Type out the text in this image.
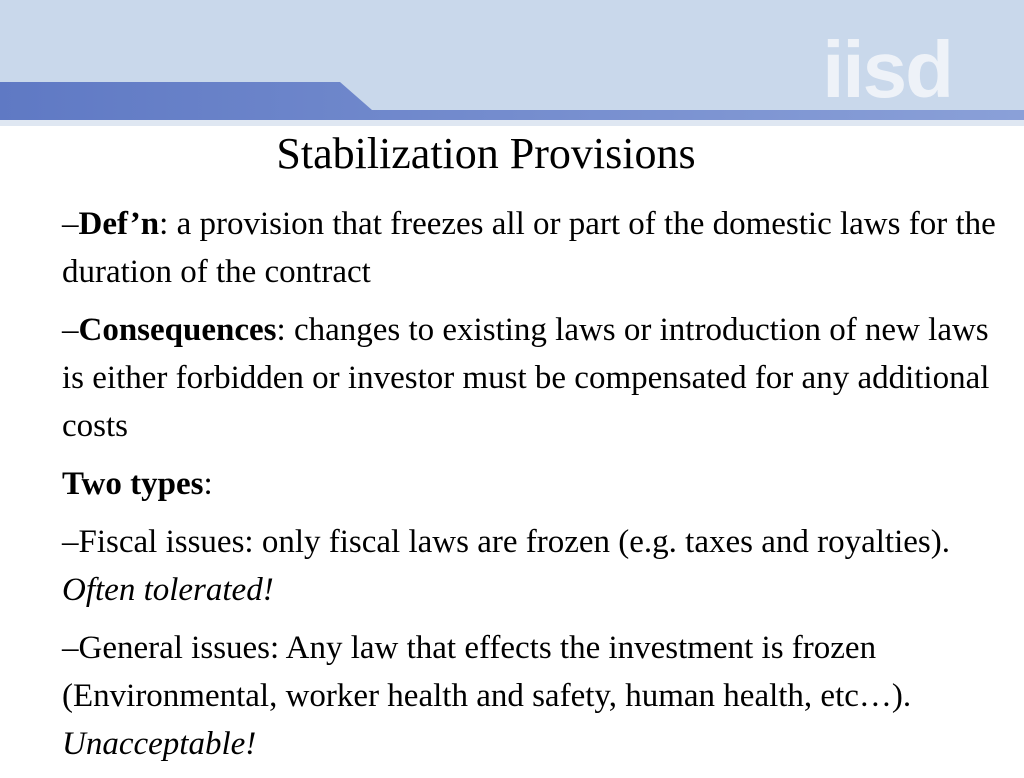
iisd
Stabilization Provisions

–Def’n: a provision that freezes all or part of the domestic laws for the duration of the contract

–Consequences: changes to existing laws or introduction of new laws is either forbidden or investor must be compensated for any additional costs

Two types:

–Fiscal issues: only fiscal laws are frozen (e.g. taxes and royalties). Often tolerated!

–General issues: Any law that effects the investment is frozen (Environmental, worker health and safety, human health, etc…). Unacceptable!
